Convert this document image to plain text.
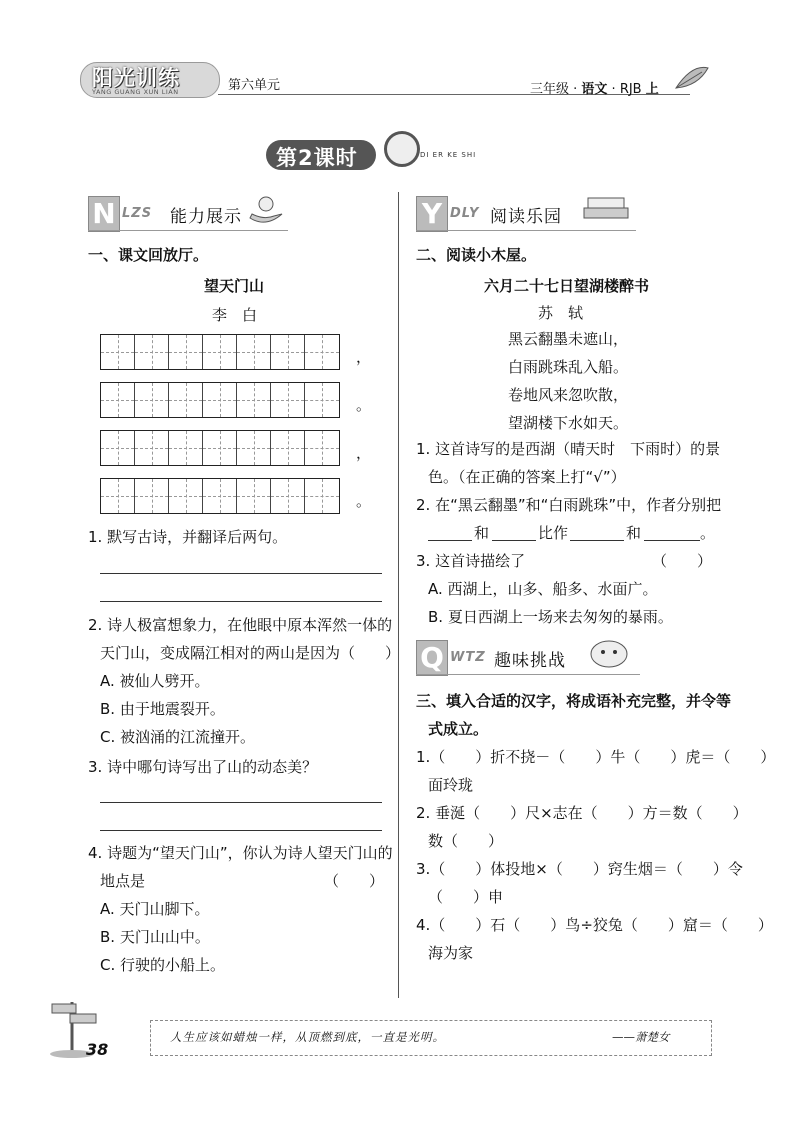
阳光训练
YANG GUANG XUN LIAN	第六单元	三年级 · 语文 · RJB 上
第2课时	DI ER KE SHI
N LZS 能力展示
一、课文回放厅。
望天门山
李　白
，
。
，
。
1. 默写古诗，并翻译后两句。
2. 诗人极富想象力，在他眼中原本浑然一体的
天门山，变成隔江相对的两山是因为（　　）
A. 被仙人劈开。
B. 由于地震裂开。
C. 被汹涌的江流撞开。
3. 诗中哪句诗写出了山的动态美？
4. 诗题为“望天门山”，你认为诗人望天门山的
地点是	（　　）
A. 天门山脚下。
B. 天门山山中。
C. 行驶的小船上。
Y DLY 阅读乐园
二、阅读小木屋。
六月二十七日望湖楼醉书
苏　轼
黑云翻墨未遮山，
白雨跳珠乱入船。
卷地风来忽吹散，
望湖楼下水如天。
1. 这首诗写的是西湖（晴天时　下雨时）的景
色。（在正确的答案上打“√”）
2. 在“黑云翻墨”和“白雨跳珠”中，作者分别把
和	比作	和	。
3. 这首诗描绘了	（　　）
A. 西湖上，山多、船多、水面广。
B. 夏日西湖上一场来去匆匆的暴雨。
Q WTZ 趣味挑战
三、填入合适的汉字，将成语补充完整，并令等
式成立。
1.（　　）折不挠－（　　）牛（　　）虎＝（　　）
面玲珑
2. 垂涎（　　）尺×志在（　　）方＝数（　　）
数（　　）
3.（　　）体投地×（　　）窍生烟＝（　　）令
（　　）申
4.（　　）石（　　）鸟÷狡兔（　　）窟＝（　　）
海为家
38
人生应该如蜡烛一样，从顶燃到底，一直是光明。	——萧楚女
